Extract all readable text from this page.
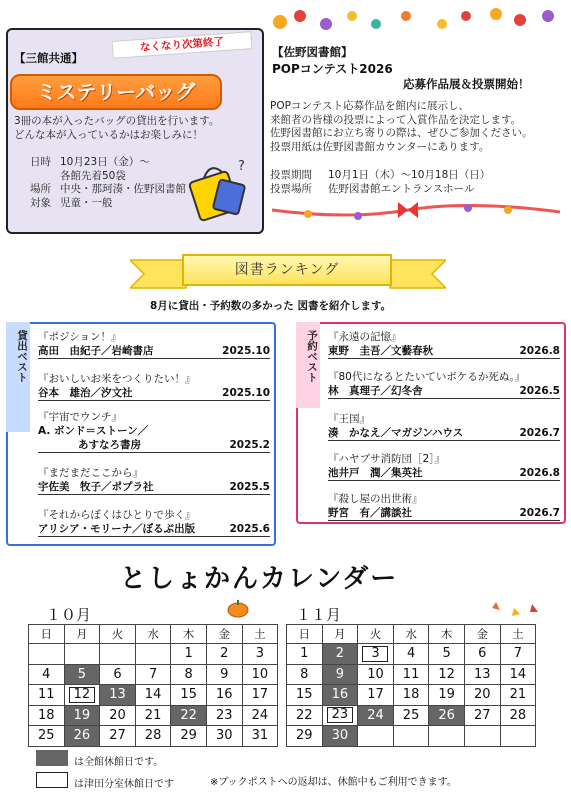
なくなり次第終了
【三館共通】
ミステリーバッグ
3冊の本が入ったバッグの貸出を行います。
どんな本が入っているかはお楽しみに！
日時 10月23日（金）〜
各館先着50袋
場所 中央・那珂湊・佐野図書館
対象 児童・一般
?
【佐野図書館】
POPコンテスト2026
応募作品展＆投票開始！
POPコンテスト応募作品を館内に展示し、
来館者の皆様の投票によって入賞作品を決定します。
佐野図書館にお立ち寄りの際は、ぜひご参加ください。
投票用紙は佐野図書館カウンターにあります。
投票期間 10月1日（木）〜10月18日（日）
投票場所 佐野図書館エントランスホール
図書ランキング
8月に貸出・予約数の多かった 図書を紹介します。
貸出ベスト 『ポジション！』
高田　由紀子／岩崎書店	2025.10
『おいしいお米をつくりたい！』
谷本　雄治／汐文社	2025.10
『宇宙でウンチ』
A. ボンド＝ストーン／
あすなろ書房	2025.2
『まだまだここから』
宇佐美　牧子／ポプラ社	2025.5
『それからぼくはひとりで歩く』
アリシア・モリーナ／ぼるぷ出版	2025.6
予約ベスト 『永遠の記憶』
東野　圭吾／文藝春秋	2026.8
『80代になるとたいていボケるか死ぬ。』
林　真理子／幻冬舎	2026.5
『王国』
湊　かなえ／マガジンハウス	2026.7
『ハヤブサ消防団［2］』
池井戸　潤／集英社	2026.8
『殺し屋の出世術』
野宮　有／講談社	2026.7
としょかんカレンダー
１０月	１１月
日	月	火	水	木	金	土
				1	2	3
4	5	6	7	8	9	10
11	12	13	14	15	16	17
18	19	20	21	22	23	24
25	26	27	28	29	30	31
日	月	火	水	木	金	土
1	2	3	4	5	6	7
8	9	10	11	12	13	14
15	16	17	18	19	20	21
22	23	24	25	26	27	28
29	30					
は全館休館日です。
は津田分室休館日です	※ブックポストへの返却は、休館中もご利用できます。
